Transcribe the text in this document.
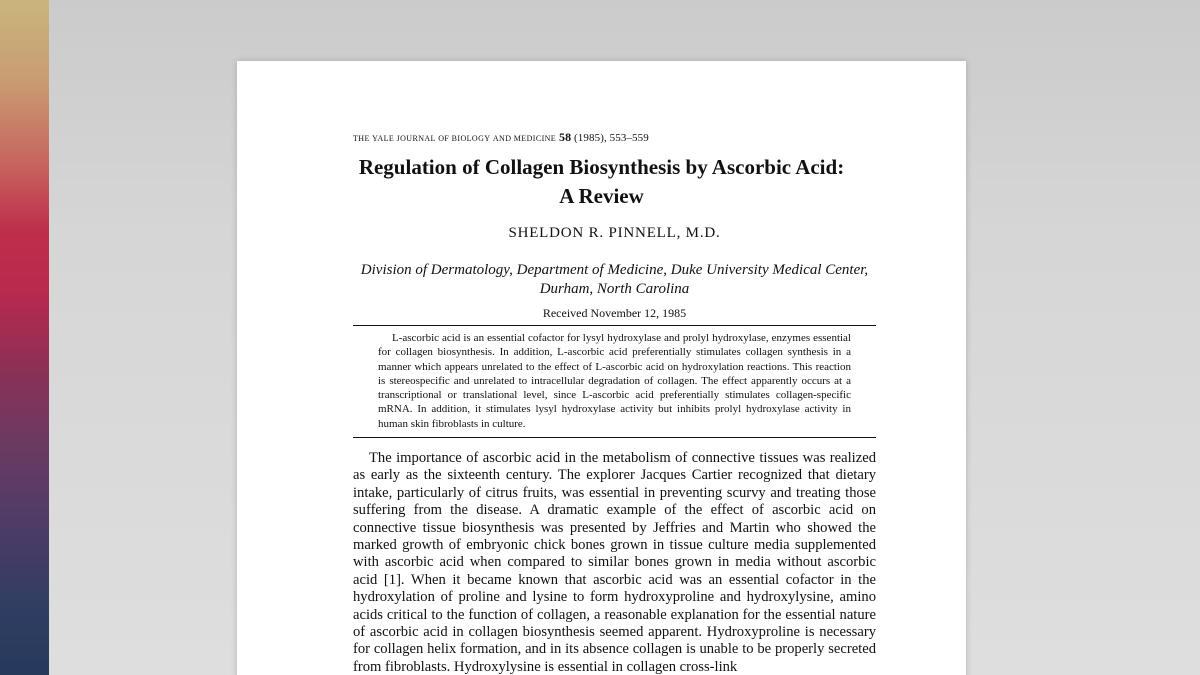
the yale journal of biology and medicine 58 (1985), 553–559
Regulation of Collagen Biosynthesis by Ascorbic Acid:
A Review
SHELDON R. PINNELL, M.D.
Division of Dermatology, Department of Medicine, Duke University Medical Center,
Durham, North Carolina
Received November 12, 1985

L-ascorbic acid is an essential cofactor for lysyl hydroxylase and prolyl hydroxylase, enzymes essential for collagen biosynthesis. In addition, L-ascorbic acid preferentially stimulates collagen synthesis in a manner which appears unrelated to the effect of L-ascorbic acid on hydroxylation reactions. This reaction is stereospecific and unrelated to intracellular degradation of collagen. The effect apparently occurs at a transcriptional or translational level, since L-ascorbic acid preferentially stimulates collagen-specific mRNA. In addition, it stimulates lysyl hydroxylase activity but inhibits prolyl hydroxylase activity in human skin fibroblasts in culture.

The importance of ascorbic acid in the metabolism of connective tissues was realized as early as the sixteenth century. The explorer Jacques Cartier recognized that dietary intake, particularly of citrus fruits, was essential in preventing scurvy and treating those suffering from the disease. A dramatic example of the effect of ascorbic acid on connective tissue biosynthesis was presented by Jeffries and Martin who showed the marked growth of embryonic chick bones grown in tissue culture media supplemented with ascorbic acid when compared to similar bones grown in media without ascorbic acid [1]. When it became known that ascorbic acid was an essential cofactor in the hydroxylation of proline and lysine to form hydroxyproline and hydroxylysine, amino acids critical to the function of collagen, a reasonable explanation for the essential nature of ascorbic acid in collagen biosynthesis seemed apparent. Hydroxyproline is necessary for collagen helix formation, and in its absence collagen is unable to be properly secreted from fibroblasts. Hydroxylysine is essential in collagen cross-link
